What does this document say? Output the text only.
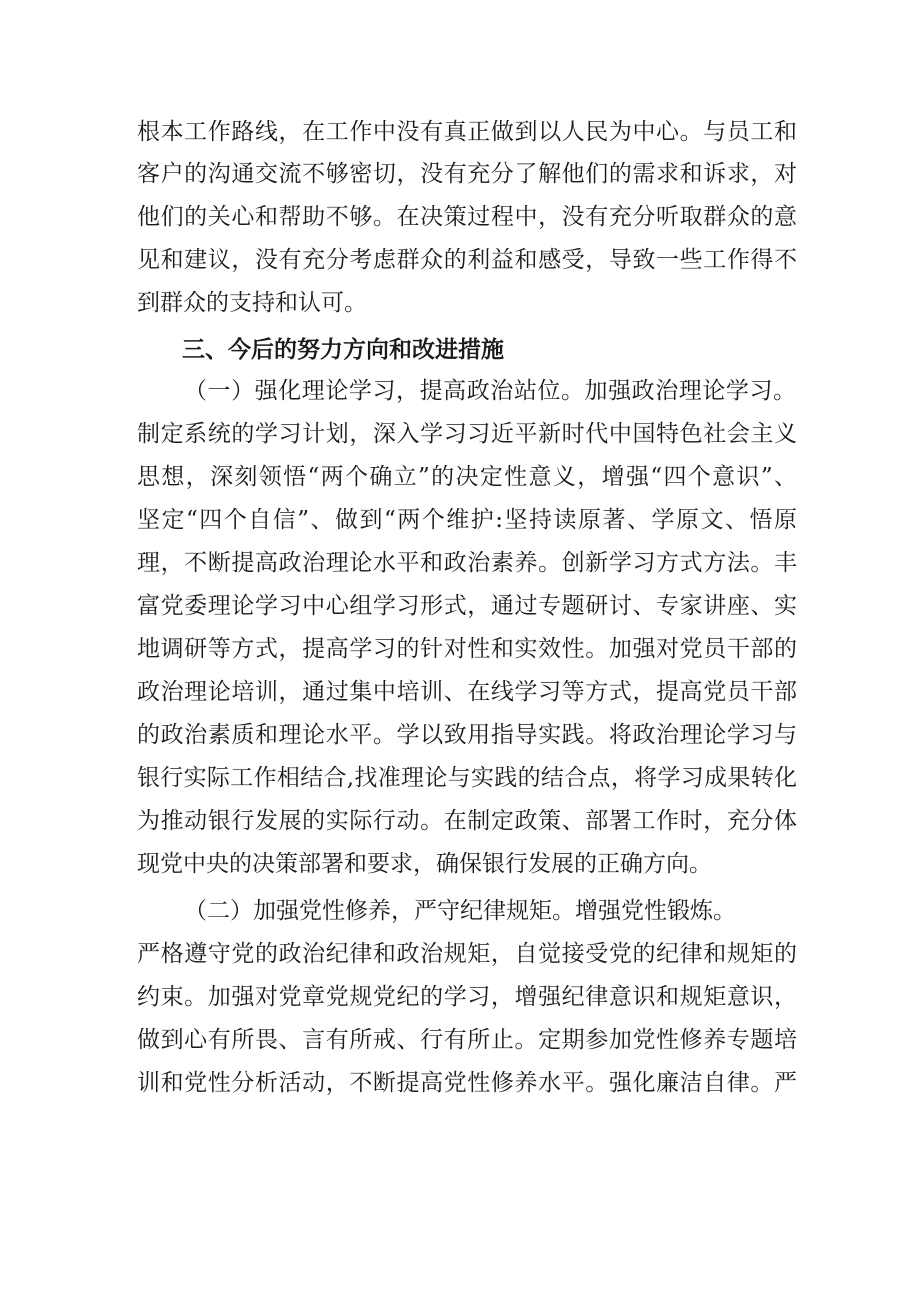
根本工作路线，在工作中没有真正做到以人民为中心。与员工和
客户的沟通交流不够密切，没有充分了解他们的需求和诉求，对
他们的关心和帮助不够。在决策过程中，没有充分听取群众的意
见和建议，没有充分考虑群众的利益和感受，导致一些工作得不
到群众的支持和认可。
三、今后的努力方向和改进措施
（一）强化理论学习，提高政治站位。加强政治理论学习。
制定系统的学习计划，深入学习习近平新时代中国特色社会主义
思想，深刻领悟“两个确立”的决定性意义，增强“四个意识”、
坚定“四个自信”、做到“两个维护:坚持读原著、学原文、悟原
理，不断提高政治理论水平和政治素养。创新学习方式方法。丰
富党委理论学习中心组学习形式，通过专题研讨、专家讲座、实
地调研等方式，提高学习的针对性和实效性。加强对党员干部的
政治理论培训，通过集中培训、在线学习等方式，提高党员干部
的政治素质和理论水平。学以致用指导实践。将政治理论学习与
银行实际工作相结合,找准理论与实践的结合点，将学习成果转化
为推动银行发展的实际行动。在制定政策、部署工作时，充分体
现党中央的决策部署和要求，确保银行发展的正确方向。
（二）加强党性修养，严守纪律规矩。增强党性锻炼。
严格遵守党的政治纪律和政治规矩，自觉接受党的纪律和规矩的
约束。加强对党章党规党纪的学习，增强纪律意识和规矩意识，
做到心有所畏、言有所戒、行有所止。定期参加党性修养专题培
训和党性分析活动，不断提高党性修养水平。强化廉洁自律。严
